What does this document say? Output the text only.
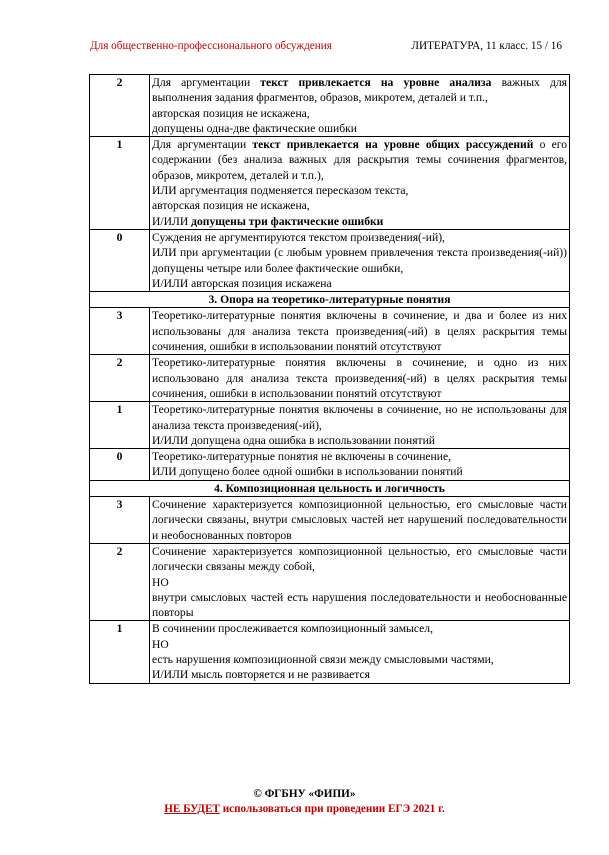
Для общественно-профессионального обсуждения	ЛИТЕРАТУРА, 11 класс. 15 / 16
2	Для аргументации текст привлекается на уровне анализа важных для выполнения задания фрагментов, образов, микротем, деталей и т.п.,
авторская позиция не искажена,
допущены одна-две фактические ошибки

1	Для аргументации текст привлекается на уровне общих рассуждений о его содержании (без анализа важных для раскрытия темы сочинения фрагментов, образов, микротем, деталей и т.п.),
ИЛИ аргументация подменяется пересказом текста,
авторская позиция не искажена,
И/ИЛИ допущены три фактические ошибки

0	Суждения не аргументируются текстом произведения(-ий),
ИЛИ при аргументации (с любым уровнем привлечения текста произведения(-ий)) допущены четыре или более фактические ошибки,
И/ИЛИ авторская позиция искажена

3. Опора на теоретико-литературные понятия	
3	Теоретико-литературные понятия включены в сочинение, и два и более из них использованы для анализа текста произведения(-ий) в целях раскрытия темы сочинения, ошибки в использовании понятий отсутствуют

2	Теоретико-литературные понятия включены в сочинение, и одно из них использовано для анализа текста произведения(-ий) в целях раскрытия темы сочинения, ошибки в использовании понятий отсутствуют

1	Теоретико-литературные понятия включены в сочинение, но не использованы для анализа текста произведения(-ий),
И/ИЛИ допущена одна ошибка в использовании понятий

0	Теоретико-литературные понятия не включены в сочинение,
ИЛИ допущено более одной ошибки в использовании понятий

4. Композиционная цельность и логичность	
3	Сочинение характеризуется композиционной цельностью, его смысловые части логически связаны, внутри смысловых частей нет нарушений последовательности и необоснованных повторов

2	Сочинение характеризуется композиционной цельностью, его смысловые части логически связаны между собой,
НО
внутри смысловых частей есть нарушения последовательности и необоснованные повторы

1	В сочинении прослеживается композиционный замысел,
НО
есть нарушения композиционной связи между смысловыми частями,
И/ИЛИ мысль повторяется и не развивается
© ФГБНУ «ФИПИ»
НЕ БУДЕТ использоваться при проведении ЕГЭ 2021 г.
